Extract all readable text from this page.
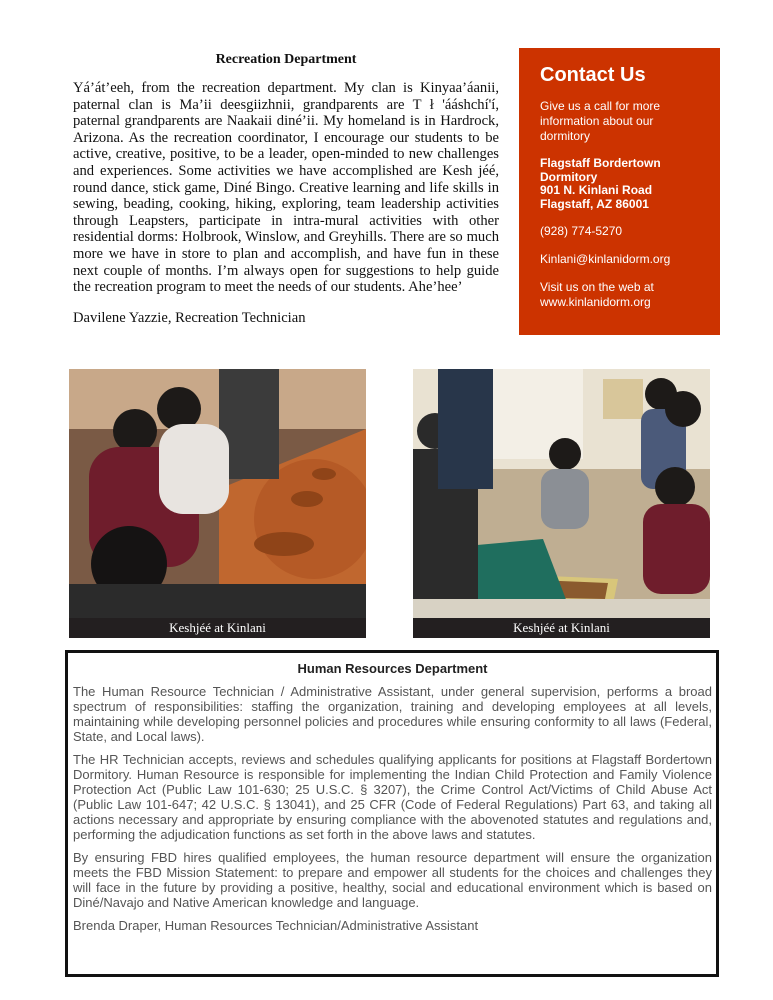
Recreation Department

Yá’át’eeh, from the recreation department. My clan is Kinyaa’áanii, paternal clan is Ma’ii deesgiizhnii, grandparents are T ł 'ááshchí'í, paternal grandparents are Naakaii diné’ii. My homeland is in Hardrock, Arizona. As the recreation coordinator, I encourage our students to be active, creative, positive, to be a leader, open-minded to new challenges and experiences. Some activities we have accomplished are Kesh jéé, round dance, stick game, Diné Bingo. Creative learning and life skills in sewing, beading, cooking, hiking, exploring, team leadership activities through Leapsters, participate in intra-mural activities with other residential dorms: Holbrook, Winslow, and Greyhills. There are so much more we have in store to plan and accomplish, and have fun in these next couple of months. I’m always open for suggestions to help guide the recreation program to meet the needs of our students. Ahe’hee’

Davilene Yazzie, Recreation Technician

Contact Us

Give us a call for more information about our dormitory

Flagstaff Bordertown Dormitory
901 N. Kinlani Road
Flagstaff, AZ 86001

(928) 774-5270

Kinlani@kinlanidorm.org

Visit us on the web at
www.kinlanidorm.org

Keshjéé at Kinlani	Keshjéé at Kinlani
Human Resources Department

The Human Resource Technician / Administrative Assistant, under general supervision, performs a broad spectrum of responsibilities: staffing the organization, training and developing employees at all levels, maintaining while developing personnel policies and procedures while ensuring conformity to all laws (Federal, State, and Local laws).

The HR Technician accepts, reviews and schedules qualifying applicants for positions at Flagstaff Bordertown Dormitory. Human Resource is responsible for implementing the Indian Child Protection and Family Violence Protection Act (Public Law 101-630; 25 U.S.C. § 3207), the Crime Control Act/Victims of Child Abuse Act (Public Law 101-647; 42 U.S.C. § 13041), and 25 CFR (Code of Federal Regulations) Part 63, and taking all actions necessary and appropriate by ensuring compliance with the abovenoted statutes and regulations and, performing the adjudication functions as set forth in the above laws and statutes.

By ensuring FBD hires qualified employees, the human resource department will ensure the organization meets the FBD Mission Statement: to prepare and empower all students for the choices and challenges they will face in the future by providing a positive, healthy, social and educational environment which is based on Diné/Navajo and Native American knowledge and language.

Brenda Draper, Human Resources Technician/Administrative Assistant
